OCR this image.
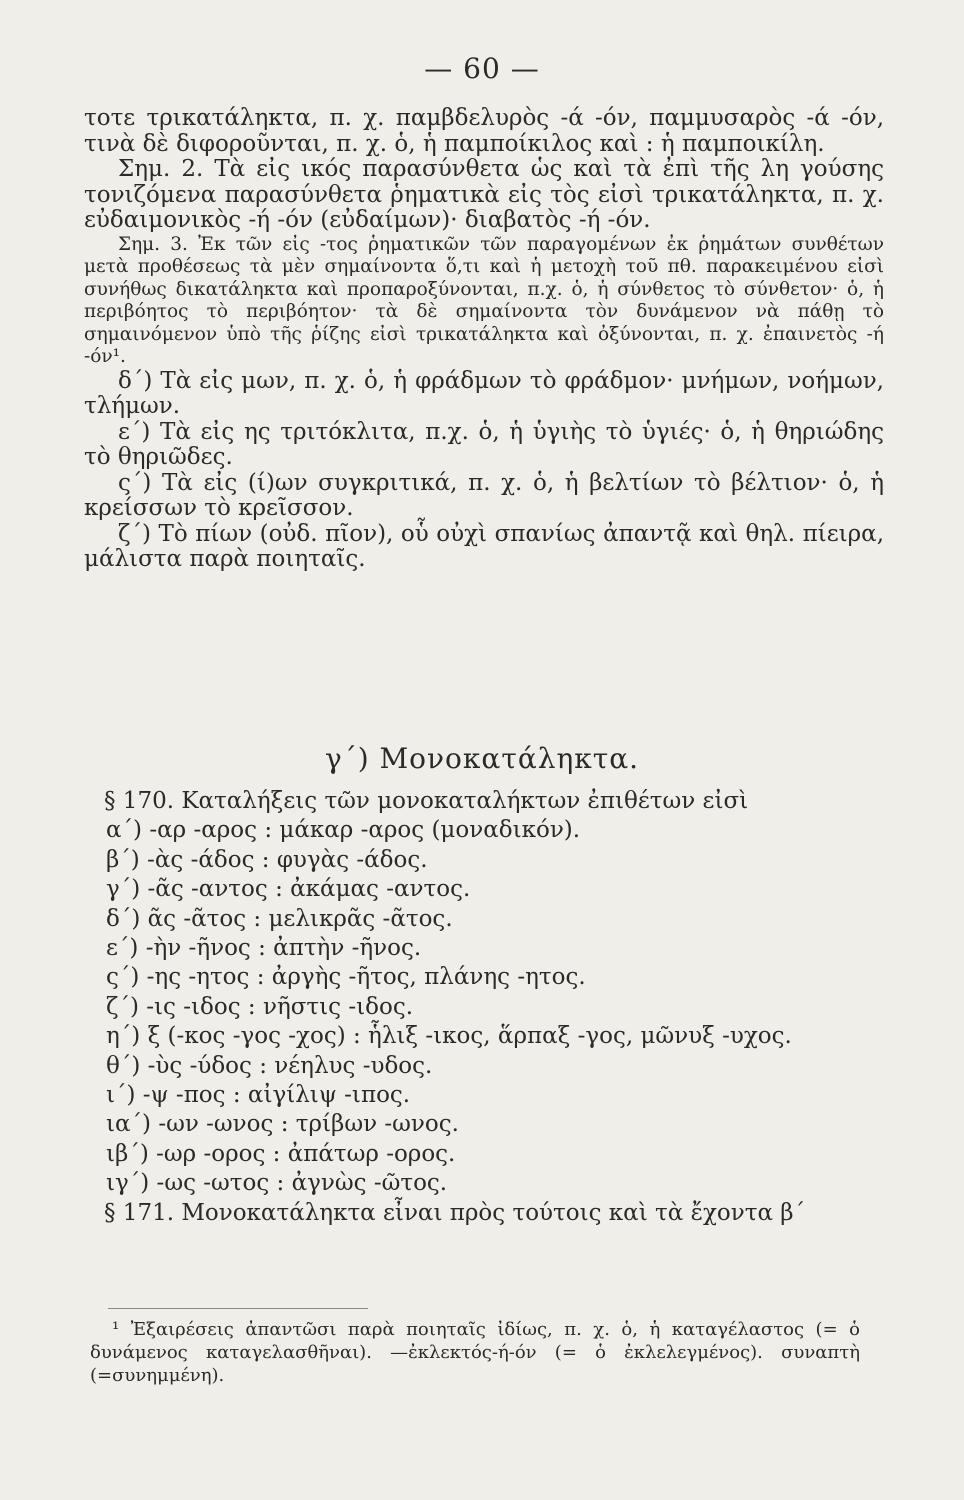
— 60 —

τοτε τρικατάληκτα, π. χ. παμβδελυρὸς -ά -όν, παμμυσαρὸς -ά -όν, τινὰ δὲ διφοροῦνται, π. χ. ὁ, ἡ παμποίκιλος καὶ : ἡ παμποικίλη.

Σημ. 2. Τὰ εἰς ικός παρασύνθετα ὡς καὶ τὰ ἐπὶ τῆς λη γούσης τονιζόμενα παρασύνθετα ῥηματικὰ εἰς τὸς εἰσὶ τρικατάληκτα, π. χ. εὐδαιμονικὸς -ή -όν (εὐδαίμων)· διαβατὸς -ή -όν.

Σημ. 3. Ἐκ τῶν εἰς -τος ῥηματικῶν τῶν παραγομένων ἐκ ῥημάτων συνθέτων μετὰ προθέσεως τὰ μὲν σημαίνοντα ὅ,τι καὶ ἡ μετοχὴ τοῦ πθ. παρακειμένου εἰσὶ συνήθως δικατάληκτα καὶ προπαροξύνονται, π.χ. ὁ, ἡ σύνθετος τὸ σύνθετον· ὁ, ἡ περιβόητος τὸ περιβόητον· τὰ δὲ σημαίνοντα τὸν δυνάμενον νὰ πάθῃ τὸ σημαινόμενον ὑπὸ τῆς ῥίζης εἰσὶ τρικατάληκτα καὶ ὀξύνονται, π. χ. ἐπαινετὸς -ή -όν¹.

δ΄) Τὰ εἰς μων, π. χ. ὁ, ἡ φράδμων τὸ φράδμον· μνήμων, νοήμων, τλήμων.

ε΄) Τὰ εἰς ης τριτόκλιτα, π.χ. ὁ, ἡ ὑγιὴς τὸ ὑγιές· ὁ, ἡ θηριώδης τὸ θηριῶδες.

ς΄) Τὰ εἰς (ί)ων συγκριτικά, π. χ. ὁ, ἡ βελτίων τὸ βέλτιον· ὁ, ἡ κρείσσων τὸ κρεῖσσον.

ζ΄) Τὸ πίων (οὐδ. πῖον), οὗ οὐχὶ σπανίως ἀπαντᾷ καὶ θηλ. πίειρα, μάλιστα παρὰ ποιηταῖς.

γ΄) Μονοκατάληκτα.
§ 170. Καταλήξεις τῶν μονοκαταλήκτων ἐπιθέτων εἰσὶ
α΄) -αρ -αρος : μάκαρ -αρος (μοναδικόν).
β΄) -ὰς -άδος : φυγὰς -άδος.
γ΄) -ᾶς -αντος : ἀκάμας -αντος.
δ΄) ᾶς -ᾶτος : μελικρᾶς -ᾶτος.
ε΄) -ὴν -ῆνος : ἀπτὴν -ῆνος.
ς΄) -ης -ητος : ἀργὴς -ῆτος, πλάνης -ητος.
ζ΄) -ις -ιδος : νῆστις -ιδος.
η΄) ξ (-κος -γος -χος) : ἧλιξ -ικος, ἅρπαξ -γος, μῶνυξ -υχος.
θ΄) -ὺς -ύδος : νέηλυς -υδος.
ι΄) -ψ -πος : αἰγίλιψ -ιπος.
ια΄) -ων -ωνος : τρίβων -ωνος.
ιβ΄) -ωρ -ορος : ἀπάτωρ -ορος.
ιγ΄) -ως -ωτος : ἀγνὼς -ῶτος.
§ 171. Μονοκατάληκτα εἶναι πρὸς τούτοις καὶ τὰ ἔχοντα β΄

¹ Ἐξαιρέσεις ἀπαντῶσι παρὰ ποιηταῖς ἰδίως, π. χ. ὁ, ἡ καταγέλαστος (= ὁ δυνάμενος καταγελασθῆναι). —ἐκλεκτός-ή-όν (= ὁ ἐκλελεγμένος). συναπτὴ (=συνημμένη).
